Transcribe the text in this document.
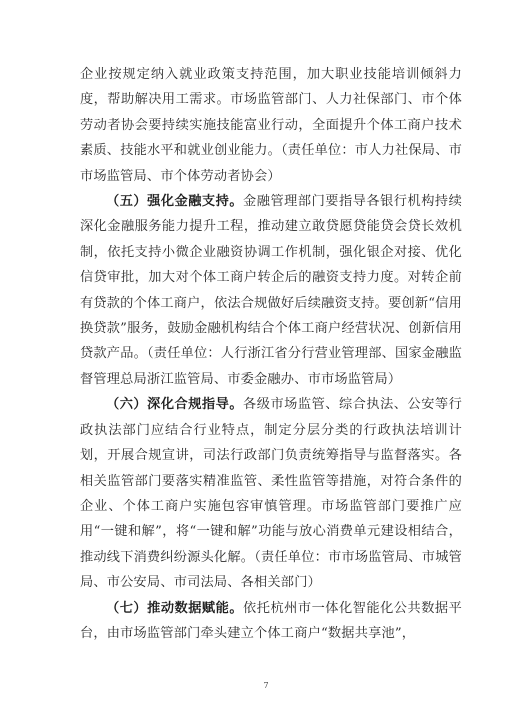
企业按规定纳入就业政策支持范围，加大职业技能培训倾斜力度，帮助解决用工需求。市场监管部门、人力社保部门、市个体劳动者协会要持续实施技能富业行动，全面提升个体工商户技术素质、技能水平和就业创业能力。（责任单位：市人力社保局、市市场监管局、市个体劳动者协会）

（五）强化金融支持。金融管理部门要指导各银行机构持续深化金融服务能力提升工程，推动建立敢贷愿贷能贷会贷长效机制，依托支持小微企业融资协调工作机制，强化银企对接、优化信贷审批，加大对个体工商户转企后的融资支持力度。对转企前有贷款的个体工商户，依法合规做好后续融资支持。要创新“信用换贷款”服务，鼓励金融机构结合个体工商户经营状况、创新信用贷款产品。（责任单位：人行浙江省分行营业管理部、国家金融监督管理总局浙江监管局、市委金融办、市市场监管局）

（六）深化合规指导。各级市场监管、综合执法、公安等行政执法部门应结合行业特点，制定分层分类的行政执法培训计划，开展合规宣讲，司法行政部门负责统筹指导与监督落实。各相关监管部门要落实精准监管、柔性监管等措施，对符合条件的企业、个体工商户实施包容审慎管理。市场监管部门要推广应用“一键和解”，将“一键和解”功能与放心消费单元建设相结合，推动线下消费纠纷源头化解。（责任单位：市市场监管局、市城管局、市公安局、市司法局、各相关部门）

（七）推动数据赋能。依托杭州市一体化智能化公共数据平台，由市场监管部门牵头建立个体工商户“数据共享池”，

7
